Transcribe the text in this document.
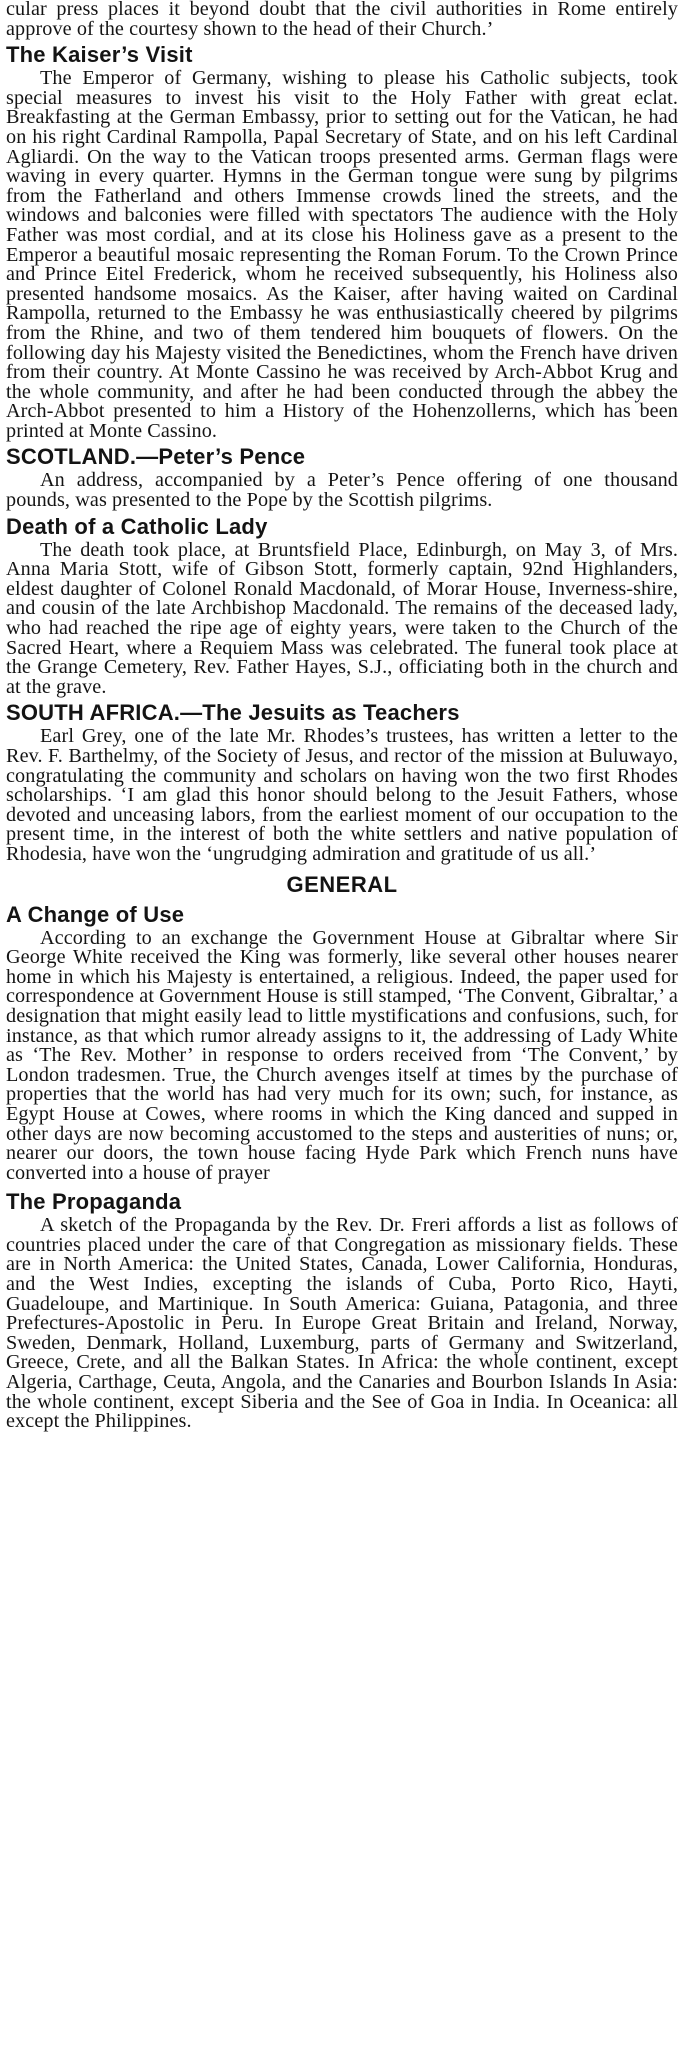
cular press places it beyond doubt that the civil authorities in Rome entirely approve of the courtesy shown to the head of their Church.’

The Kaiser’s Visit

The Emperor of Germany, wishing to please his Catholic subjects, took special measures to invest his visit to the Holy Father with great eclat. Breakfasting at the German Embassy, prior to setting out for the Vatican, he had on his right Cardinal Rampolla, Papal Secretary of State, and on his left Cardinal Agliardi. On the way to the Vatican troops presented arms. German flags were waving in every quarter. Hymns in the German tongue were sung by pilgrims from the Fatherland and others Immense crowds lined the streets, and the windows and balconies were filled with spectators The audience with the Holy Father was most cordial, and at its close his Holiness gave as a present to the Emperor a beautiful mosaic representing the Roman Forum. To the Crown Prince and Prince Eitel Frederick, whom he received subsequently, his Holiness also presented handsome mosaics. As the Kaiser, after having waited on Cardinal Rampolla, returned to the Embassy he was enthusiastically cheered by pilgrims from the Rhine, and two of them tendered him bouquets of flowers. On the following day his Majesty visited the Benedictines, whom the French have driven from their country. At Monte Cassino he was received by Arch-Abbot Krug and the whole community, and after he had been conducted through the abbey the Arch-Abbot presented to him a History of the Hohenzollerns, which has been printed at Monte Cassino.

SCOTLAND.—Peter’s Pence

An address, accompanied by a Peter’s Pence offering of one thousand pounds, was presented to the Pope by the Scottish pilgrims.

Death of a Catholic Lady

The death took place, at Bruntsfield Place, Edinburgh, on May 3, of Mrs. Anna Maria Stott, wife of Gibson Stott, formerly captain, 92nd Highlanders, eldest daughter of Colonel Ronald Macdonald, of Morar House, Inverness-shire, and cousin of the late Archbishop Macdonald. The remains of the deceased lady, who had reached the ripe age of eighty years, were taken to the Church of the Sacred Heart, where a Requiem Mass was celebrated. The funeral took place at the Grange Cemetery, Rev. Father Hayes, S.J., officiating both in the church and at the grave.

SOUTH AFRICA.—The Jesuits as Teachers

Earl Grey, one of the late Mr. Rhodes’s trustees, has written a letter to the Rev. F. Barthelmy, of the Society of Jesus, and rector of the mission at Buluwayo, congratulating the community and scholars on having won the two first Rhodes scholarships. ‘I am glad this honor should belong to the Jesuit Fathers, whose devoted and unceasing labors, from the earliest moment of our occupation to the present time, in the interest of both the white settlers and native population of Rhodesia, have won the ‘ungrudging admiration and gratitude of us all.’

GENERAL
A Change of Use

According to an exchange the Government House at Gibraltar where Sir George White received the King was formerly, like several other houses nearer home in which his Majesty is entertained, a religious. Indeed, the paper used for correspondence at Government House is still stamped, ‘The Convent, Gibraltar,’ a designation that might easily lead to little mystifications and confusions, such, for instance, as that which rumor already assigns to it, the addressing of Lady White as ‘The Rev. Mother’ in response to orders received from ‘The Convent,’ by London tradesmen. True, the Church avenges itself at times by the purchase of properties that the world has had very much for its own; such, for instance, as Egypt House at Cowes, where rooms in which the King danced and supped in other days are now becoming accustomed to the steps and austerities of nuns; or, nearer our doors, the town house facing Hyde Park which French nuns have converted into a house of prayer

The Propaganda

A sketch of the Propaganda by the Rev. Dr. Freri affords a list as follows of countries placed under the care of that Congregation as missionary fields. These are in North America: the United States, Canada, Lower California, Honduras, and the West Indies, excepting the islands of Cuba, Porto Rico, Hayti, Guadeloupe, and Martinique. In South America: Guiana, Patagonia, and three Prefectures-Apostolic in Peru. In Europe Great Britain and Ireland, Norway, Sweden, Denmark, Holland, Luxemburg, parts of Germany and Switzerland, Greece, Crete, and all the Balkan States. In Africa: the whole continent, except Algeria, Carthage, Ceuta, Angola, and the Canaries and Bourbon Islands In Asia: the whole continent, except Siberia and the See of Goa in India. In Oceanica: all except the Philippines.
